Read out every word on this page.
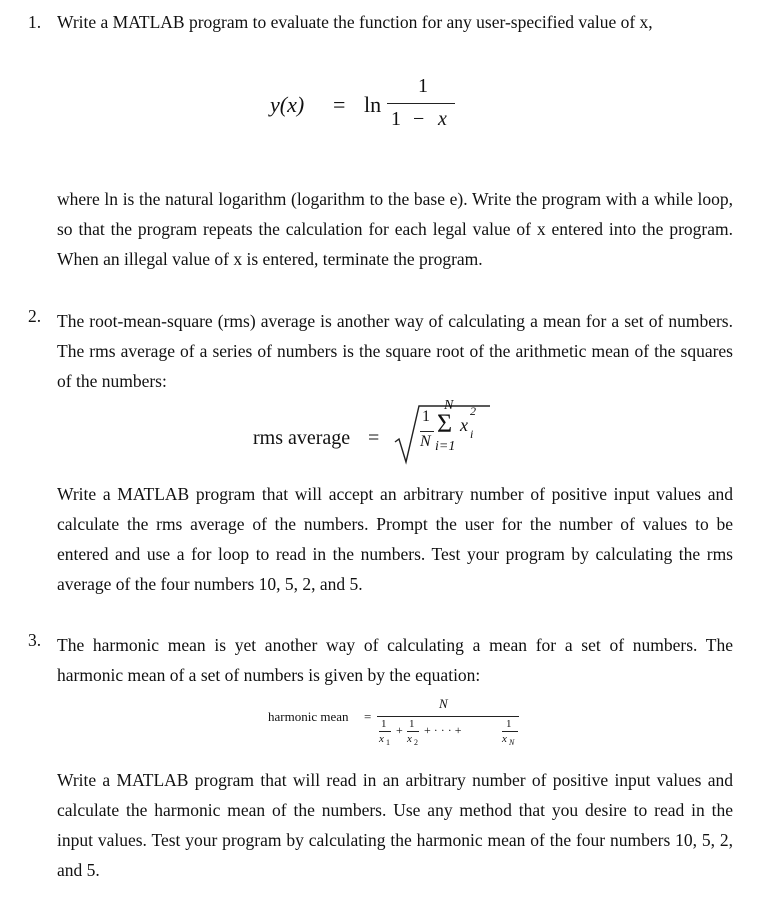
1. Write a MATLAB program to evaluate the function for any user-specified value of x,
y(x) = ln
1
1 − x
where ln is the natural logarithm (logarithm to the base e). Write the program with a while loop, so that the program repeats the calculation for each legal value of x entered into the program. When an illegal value of x is entered, terminate the program.
2. The root-mean-square (rms) average is another way of calculating a mean for a set of numbers. The rms average of a series of numbers is the square root of the arithmetic mean of the squares of the numbers:
rms average =
1
N
N
Σ
i=1
x
2
i
Write a MATLAB program that will accept an arbitrary number of positive input values and calculate the rms average of the numbers. Prompt the user for the number of values to be entered and use a for loop to read in the numbers. Test your program by calculating the rms average of the four numbers 10, 5, 2, and 5.
3. The harmonic mean is yet another way of calculating a mean for a set of numbers. The harmonic mean of a set of numbers is given by the equation:
harmonic mean =
N
1
x 1
+ 1
x 2
+ · · · +	1
x N
Write a MATLAB program that will read in an arbitrary number of positive input values and calculate the harmonic mean of the numbers. Use any method that you desire to read in the input values. Test your program by calculating the harmonic mean of the four numbers 10, 5, 2, and 5.
